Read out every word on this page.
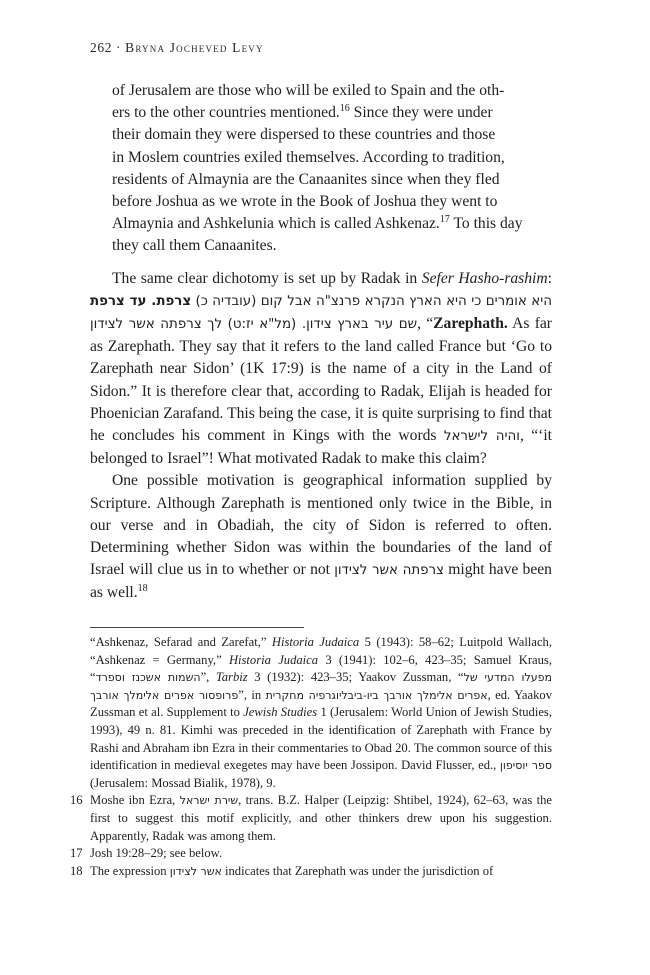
262 · Bryna Jocheved Levy

of Jerusalem are those who will be exiled to Spain and the oth-

ers to the other countries mentioned.$^{16}$ Since they were under

their domain they were dispersed to these countries and those

in Moslem countries exiled themselves. According to tradition,

residents of Almaynia are the Canaanites since when they fled

before Joshua as we wrote in the Book of Joshua they went to

Almaynia and Ashkelunia which is called Ashkenaz.$^{17}$ To this day

they call them Canaanites.

The same clear dichotomy is set up by Radak in Sefer Hasho-rashim: צרפת. עד צרפת אומרים כי היא הארץ הנקרא פרנצ"ה אבל קום (עובדיה כ) היא שם עיר בארץ צידון. (מל"א יז:ט) לך צרפתה אשר לצידון, “Zarephath. As far as Zarephath. They say that it refers to the land called France but ‘Go to Zarephath near Sidon’ (1K 17:9) is the name of a city in the Land of Sidon.” It is therefore clear that, according to Radak, Elijah is headed for Phoenician Zarafand. This being the case, it is quite surprising to find that he concludes his comment in Kings with the words והיה לישראל, “‘it belonged to Israel”! What motivated Radak to make this claim?

One possible motivation is geographical information supplied by Scripture. Although Zarephath is mentioned only twice in the Bible, in our verse and in Obadiah, the city of Sidon is referred to often. Determining whether Sidon was within the boundaries of the land of Israel will clue us in to whether or not צרפתה אשר לצידון might have been as well.$^{18}$

“Ashkenaz, Sefarad and Zarefat,” Historia Judaica 5 (1943): 58–62; Luitpold Wallach, “Ashkenaz = Germany,” Historia Judaica 3 (1941): 102–6, 423–35; Samuel Kraus, “השמות אשכנז וספרד”, Tarbiz 3 (1932): 423–35; Yaakov Zussman, “מפעלו המדעי של פרופסור אפרים אלימלך אורבך”, in אפרים אלימלך אורבך ביו-ביבליוגרפיה מחקרית, ed. Yaakov Zussman et al. Supplement to Jewish Studies 1 (Jerusalem: World Union of Jewish Studies, 1993), 49 n. 81. Kimhi was preceded in the identification of Zarephath with France by Rashi and Abraham ibn Ezra in their commentaries to Obad 20. The common source of this identification in medieval exegetes may have been Jossipon. David Flusser, ed., ספר יוסיפון (Jerusalem: Mossad Bialik, 1978), 9.
16 Moshe ibn Ezra, שירת ישראל, trans. B.Z. Halper (Leipzig: Shtibel, 1924), 62–63, was the first to suggest this motif explicitly, and other thinkers drew upon his suggestion. Apparently, Radak was among them.
17 Josh 19:28–29; see below.
18 The expression אשר לצידון indicates that Zarephath was under the jurisdiction of
